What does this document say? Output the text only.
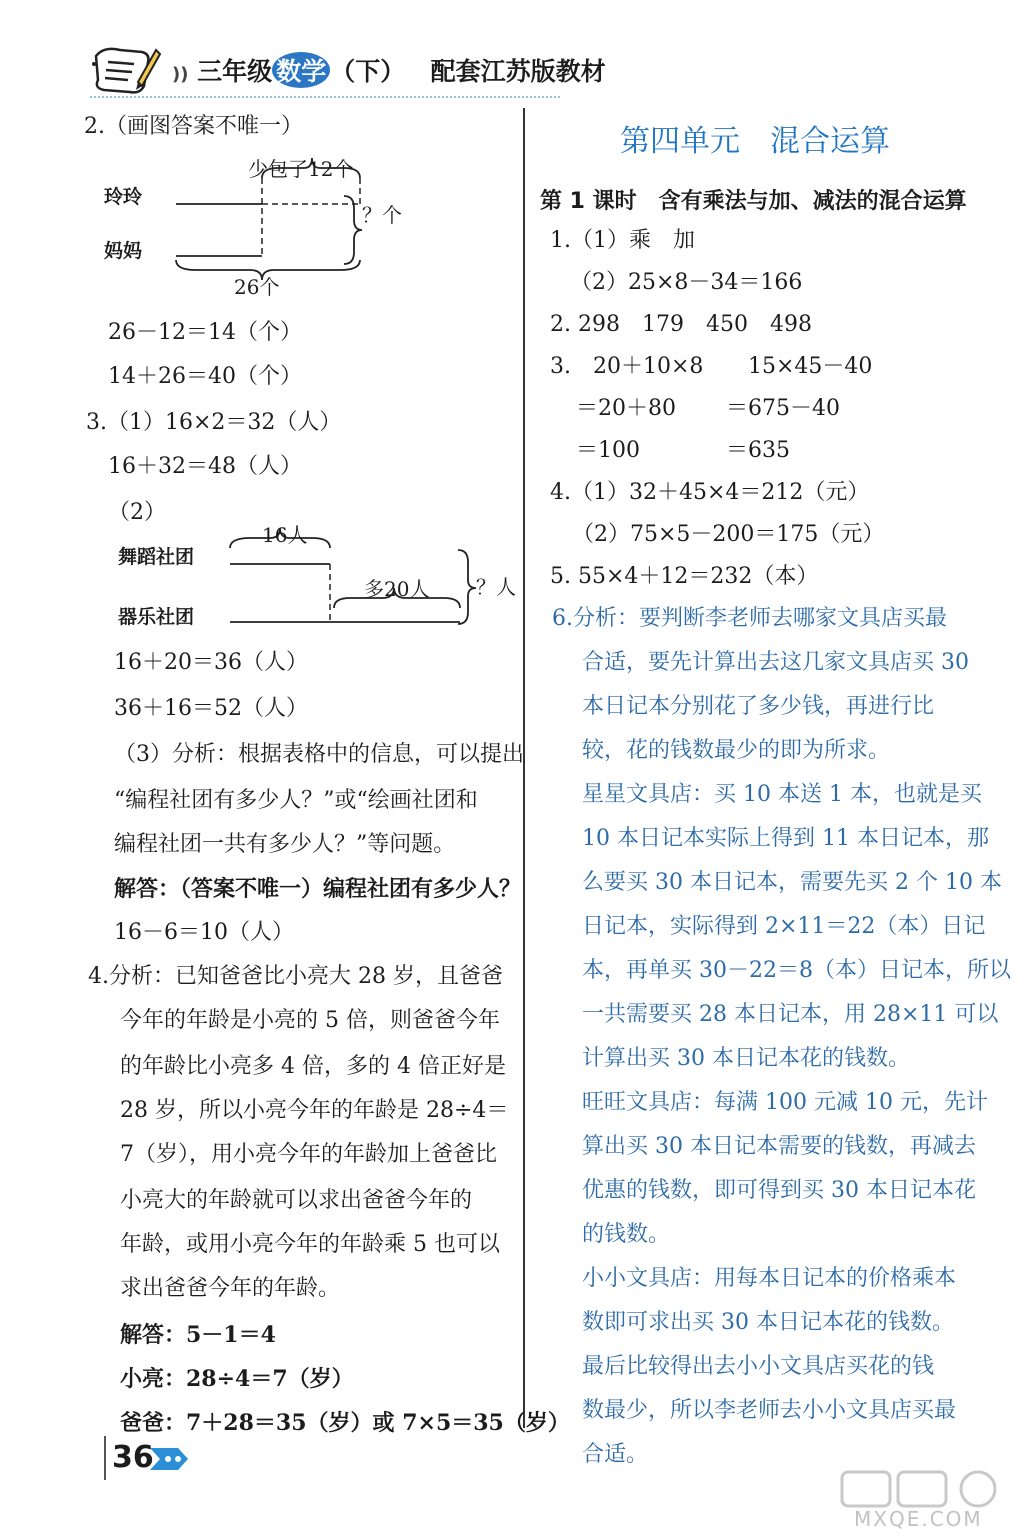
)) 三年级 数学 （下） 配套江苏版教材
2.（画图答案不唯一）
少包了12个
玲玲
妈妈
？个
26个
26－12＝14（个）
14＋26＝40（个）
3.（1）16×2＝32（人）
16＋32＝48（人）
（2）
16人
舞蹈社团
器乐社团
多20人 ？人
16＋20＝36（人）
36＋16＝52（人）
（3）分析：根据表格中的信息，可以提出
“编程社团有多少人？”或“绘画社团和
编程社团一共有多少人？”等问题。
解答：（答案不唯一）编程社团有多少人？
16－6＝10（人）
4.分析：已知爸爸比小亮大 28 岁，且爸爸
今年的年龄是小亮的 5 倍，则爸爸今年
的年龄比小亮多 4 倍，多的 4 倍正好是
28 岁，所以小亮今年的年龄是 28÷4＝
7（岁），用小亮今年的年龄加上爸爸比
小亮大的年龄就可以求出爸爸今年的
年龄，或用小亮今年的年龄乘 5 也可以
求出爸爸今年的年龄。
解答：5－1＝4
小亮：28÷4＝7（岁）
爸爸：7＋28＝35（岁）或 7×5＝35（岁）
第四单元　混合运算
第 1 课时　含有乘法与加、减法的混合运算
1.（1）乘　加
（2）25×8－34＝166
2. 298　179　450　498
3.　20＋10×8 15×45－40
＝20＋80 ＝675－40
＝100	＝635
4.（1）32＋45×4＝212（元）
（2）75×5－200＝175（元）
5. 55×4＋12＝232（本）
6.分析：要判断李老师去哪家文具店买最
合适，要先计算出去这几家文具店买 30
本日记本分别花了多少钱，再进行比
较，花的钱数最少的即为所求。
星星文具店：买 10 本送 1 本，也就是买
10 本日记本实际上得到 11 本日记本，那
么要买 30 本日记本，需要先买 2 个 10 本
日记本，实际得到 2×11＝22（本）日记
本，再单买 30－22＝8（本）日记本，所以
一共需要买 28 本日记本，用 28×11 可以
计算出买 30 本日记本花的钱数。
旺旺文具店：每满 100 元减 10 元，先计
算出买 30 本日记本需要的钱数，再减去
优惠的钱数，即可得到买 30 本日记本花
的钱数。
小小文具店：用每本日记本的价格乘本
数即可求出买 30 本日记本花的钱数。
最后比较得出去小小文具店买花的钱
数最少，所以李老师去小小文具店买最
合适。
36
MXQE.COM
